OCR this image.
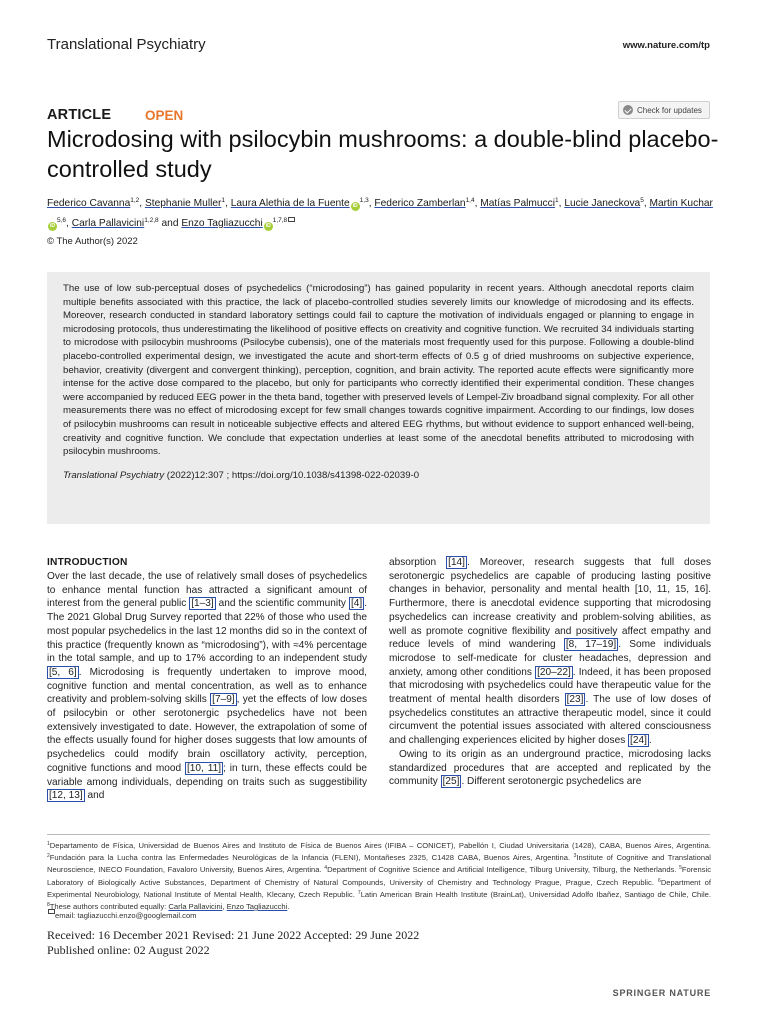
Translational Psychiatry	www.nature.com/tp
ARTICLE	OPEN	Check for updates
Microdosing with psilocybin mushrooms: a double-blind placebo-controlled study
Federico Cavanna$^{1,2}$, Stephanie Muller$^1$, Laura Alethia de la Fuente iD$^{1,3}$, Federico Zamberlan$^{1,4}$, Matías Palmucci$^1$, Lucie Janeckova$^5$, Martin KuchariD$^{5,6}$, Carla Pallavicini$^{1,2,8}$ and Enzo Tagliazucchi iD$^{1,7,8}$
© The Author(s) 2022

The use of low sub-perceptual doses of psychedelics (“microdosing”) has gained popularity in recent years. Although anecdotal reports claim multiple benefits associated with this practice, the lack of placebo-controlled studies severely limits our knowledge of microdosing and its effects. Moreover, research conducted in standard laboratory settings could fail to capture the motivation of individuals engaged or planning to engage in microdosing protocols, thus underestimating the likelihood of positive effects on creativity and cognitive function. We recruited 34 individuals starting to microdose with psilocybin mushrooms (Psilocybe cubensis), one of the materials most frequently used for this purpose. Following a double-blind placebo-controlled experimental design, we investigated the acute and short-term effects of 0.5 g of dried mushrooms on subjective experience, behavior, creativity (divergent and convergent thinking), perception, cognition, and brain activity. The reported acute effects were significantly more intense for the active dose compared to the placebo, but only for participants who correctly identified their experimental condition. These changes were accompanied by reduced EEG power in the theta band, together with preserved levels of Lempel-Ziv broadband signal complexity. For all other measurements there was no effect of microdosing except for few small changes towards cognitive impairment. According to our findings, low doses of psilocybin mushrooms can result in noticeable subjective effects and altered EEG rhythms, but without evidence to support enhanced well-being, creativity and cognitive function. We conclude that expectation underlies at least some of the anecdotal benefits attributed to microdosing with psilocybin mushrooms.

Translational Psychiatry (2022)12:307 ; https://doi.org/10.1038/s41398-022-02039-0

INTRODUCTION
Over the last decade, the use of relatively small doses of psychedelics to enhance mental function has attracted a significant amount of interest from the general public [1–3] and the scientific community [4] . The 2021 Global Drug Survey reported that 22% of those who used the most popular psychedelics in the last 12 months did so in the context of this practice (frequently known as “microdosing”), with ≈4% percentage in the total sample, and up to 17% according to an independent study [5, 6] . Microdosing is frequently undertaken to improve mood, cognitive function and mental concentration, as well as to enhance creativity and problem-solving skills [7–9] , yet the effects of low doses of psilocybin or other serotonergic psychedelics have not been extensively investigated to date. However, the extrapolation of some of the effects usually found for higher doses suggests that low amounts of psychedelics could modify brain oscillatory activity, perception, cognitive functions and mood [10, 11] ; in turn, these effects could be variable among individuals, depending on traits such as suggestibility [12, 13] and
absorption [14] . Moreover, research suggests that full doses serotonergic psychedelics are capable of producing lasting positive changes in behavior, personality and mental health [10, 11, 15, 16]. Furthermore, there is anecdotal evidence supporting that microdosing psychedelics can increase creativity and problem-solving abilities, as well as promote cognitive flexibility and positively affect empathy and reduce levels of mind wandering [8, 17–19] . Some individuals microdose to self-medicate for cluster headaches, depression and anxiety, among other conditions [20–22] . Indeed, it has been proposed that microdosing with psychedelics could have therapeutic value for the treatment of mental health disorders [23] . The use of low doses of psychedelics constitutes an attractive therapeutic model, since it could circumvent the potential issues associated with altered consciousness and challenging experiences elicited by higher doses [24] .
Owing to its origin as an underground practice, microdosing lacks standardized procedures that are accepted and replicated by the community [25] . Different serotonergic psychedelics are
$^1$Departamento de Física, Universidad de Buenos Aires and Instituto de Física de Buenos Aires (IFIBA – CONICET), Pabellón I, Ciudad Universitaria (1428), CABA, Buenos Aires, Argentina. $^2$Fundación para la Lucha contra las Enfermedades Neurológicas de la Infancia (FLENI), Montañeses 2325, C1428 CABA, Buenos Aires, Argentina. $^3$Institute of Cognitive and Translational Neuroscience, INECO Foundation, Favaloro University, Buenos Aires, Argentina. $^4$Department of Cognitive Science and Artificial Intelligence, Tilburg University, Tilburg, the Netherlands. $^5$Forensic Laboratory of Biologically Active Substances, Department of Chemistry of Natural Compounds, University of Chemistry and Technology Prague, Prague, Czech Republic. $^6$Department of Experimental Neurobiology, National Institute of Mental Health, Klecany, Czech Republic. $^7$Latin American Brain Health Institute (BrainLat), Universidad Adolfo Ibañez, Santiago de Chile, Chile. $^8$These authors contributed equally: Carla Pallavicini, Enzo Tagliazucchi.
email: tagliazucchi.enzo@googlemail.com
Received: 16 December 2021 Revised: 21 June 2022 Accepted: 29 June 2022
Published online: 02 August 2022
SPRINGER NATURE
